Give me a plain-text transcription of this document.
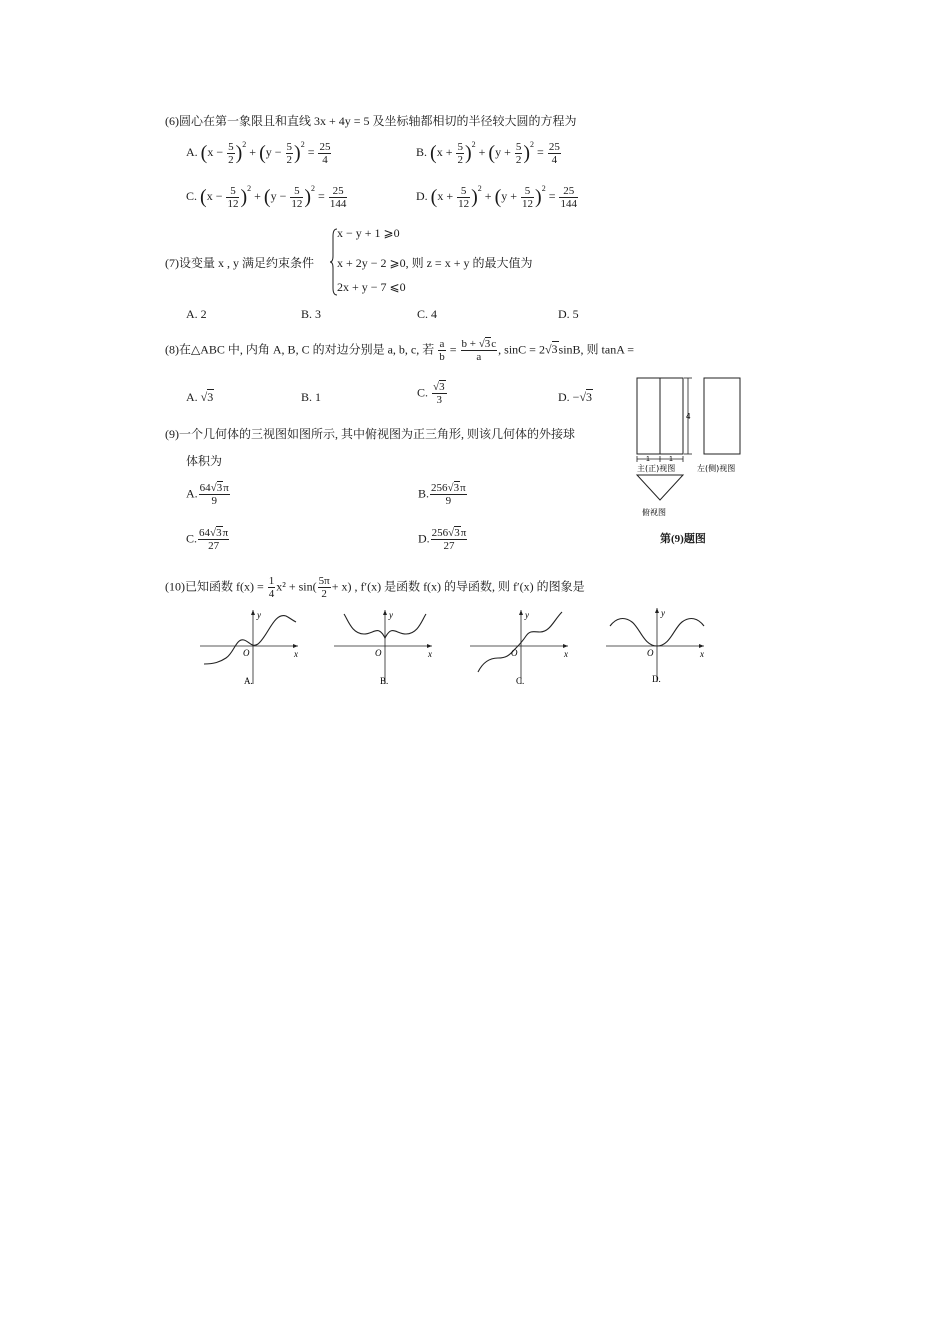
(6)圆心在第一象限且和直线 3x + 4y = 5 及坐标轴都相切的半径较大圆的方程为
A. $(x - \frac{5}{2} )^2 + (y - \frac{5}{2} )^2 = \frac{25}{4}$	B. $(x + \frac{5}{2} )^2 + (y + \frac{5}{2} )^2 = \frac{25}{4}$
C. $(x - \frac{5}{12} )^2 + (y - \frac{5}{12} )^2 = \frac{25}{144}$	D. $(x + \frac{5}{12} )^2 + (y + \frac{5}{12} )^2 = \frac{25}{144}$
(7)设变量 x , y 满足约束条件
x − y + 1 ⩾0
x + 2y − 2 ⩾0, 则 z = x + y 的最大值为
2x + y − 7 ⩽0
A. 2	B. 3	C. 4	D. 5
(8)在△ABC 中, 内角 A, B, C 的对边分别是 a, b, c, 若 $\frac{a}{b} = \frac{b + √3c}{a}$ , sinC = 2√3sinB, 则 tanA =
A. √3	B. 1	C. $\frac{√3}{3}$	D. −√3
(9)一个几何体的三视图如图所示, 其中俯视图为正三角形, 则该几何体的外接球
体积为
A. $\frac{64√3\pi}{9}$	B. $\frac{256√3\pi}{9}$
C. $\frac{64√3\pi}{27}$	D. $\frac{256√3\pi}{27}$
4
1	1
主(正)视图	左(侧)视图
俯视图
第(9)题图
(10)已知函数 $f(x) = \frac{1}{4} x^2 + \sin( \frac{5\pi}{2} + x)$ , f′(x) 是函数 f(x) 的导函数, 则 f′(x) 的图象是
y
x
O
A.
y
x
O
B.
y
x
O
C.
y
x
O
D.
